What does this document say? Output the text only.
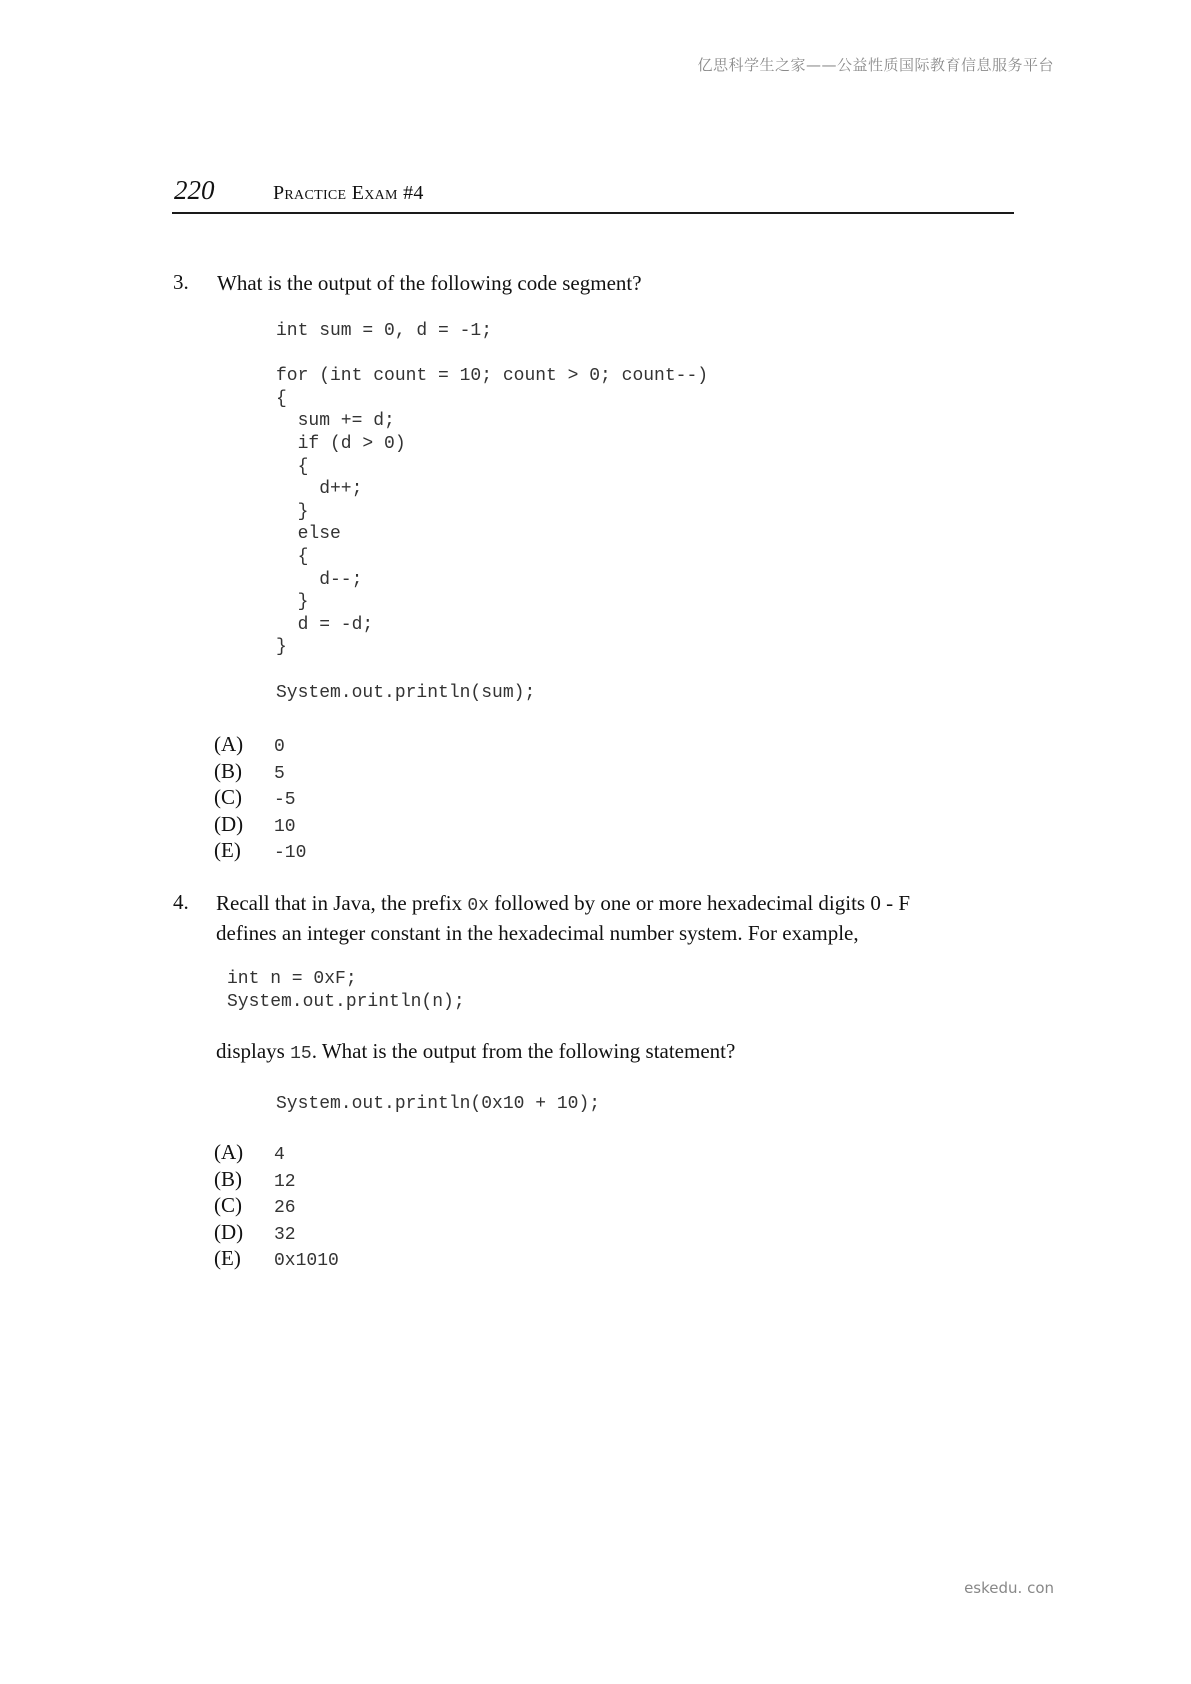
亿思科学生之家——公益性质国际教育信息服务平台
220	Practice Exam #4
3. What is the output of the following code segment?
int sum = 0, d = -1;

for (int count = 10; count > 0; count--)
{
sum += d;
if (d > 0)
{
d++;
}
else
{
d--;
}
d = -d;
}

System.out.println(sum);
(A)	0
(B)	5
(C)	-5
(D)	10
(E)	-10
4. Recall that in Java, the prefix 0x followed by one or more hexadecimal digits 0 - F
defines an integer constant in the hexadecimal number system. For example,
int n = 0xF;
System.out.println(n);
displays 15. What is the output from the following statement?
System.out.println(0x10 + 10);
(A)	4
(B)	12
(C)	26
(D)	32
(E)	0x1010
eskedu. con
